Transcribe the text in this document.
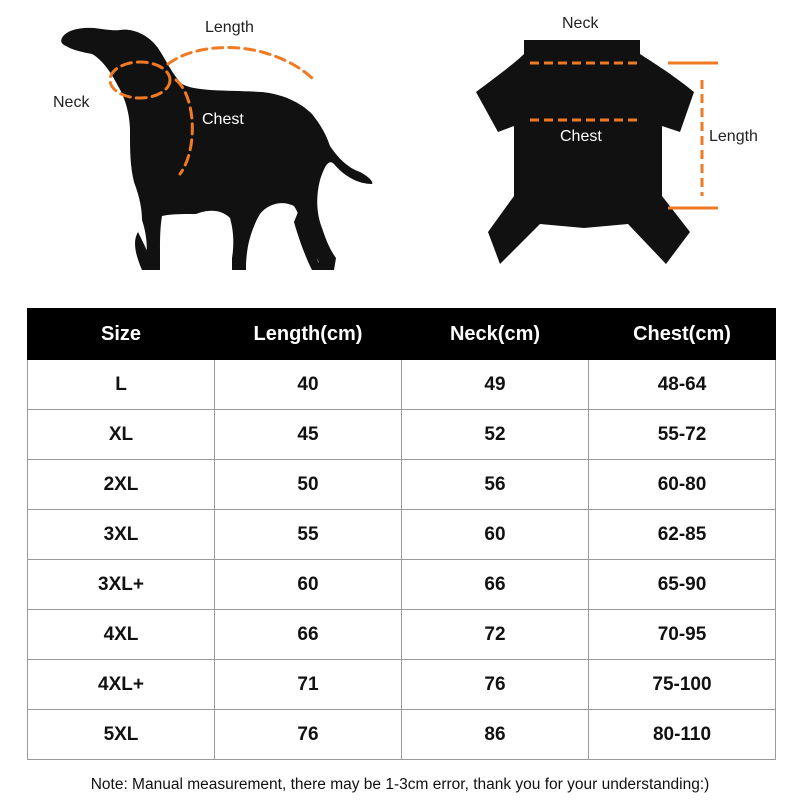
Length
Neck
Chest
Neck
Chest	Length
Size	Length(cm)	Neck(cm)	Chest(cm)
L	40	49	48-64
XL	45	52	55-72
2XL	50	56	60-80
3XL	55	60	62-85
3XL+	60	66	65-90
4XL	66	72	70-95
4XL+	71	76	75-100
5XL	76	86	80-110
Note: Manual measurement, there may be 1-3cm error, thank you for your understanding:)
